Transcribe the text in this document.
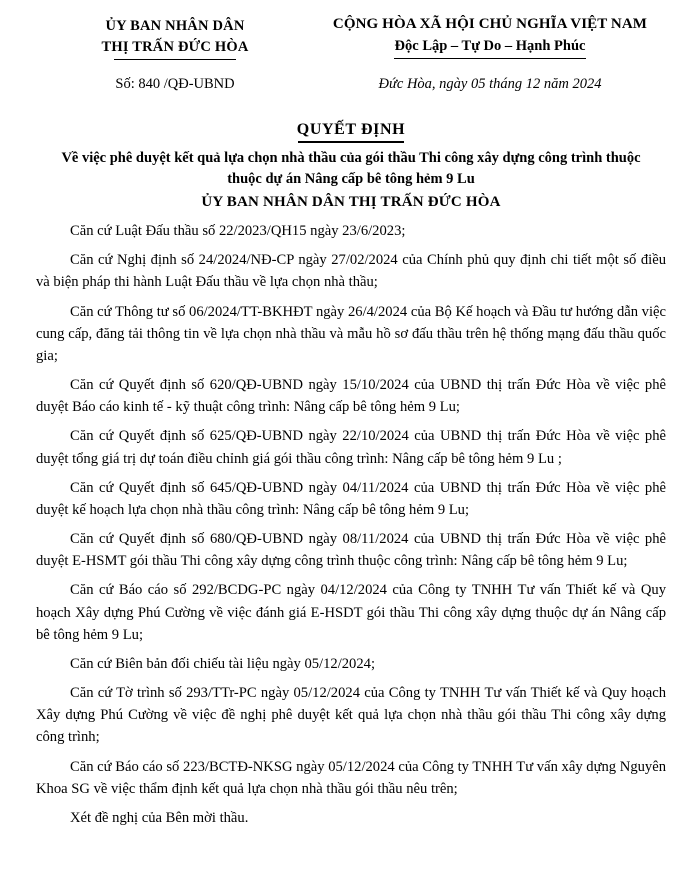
ỦY BAN NHÂN DÂN
THỊ TRẤN ĐỨC HÒA
CỘNG HÒA XÃ HỘI CHỦ NGHĨA VIỆT NAM
Độc Lập – Tự Do – Hạnh Phúc
Số: 840 /QĐ-UBND	Đức Hòa, ngày 05 tháng 12 năm 2024
QUYẾT ĐỊNH
Về việc phê duyệt kết quả lựa chọn nhà thầu của gói thầu Thi công xây dựng công trình thuộc thuộc dự án Nâng cấp bê tông hẻm 9 Lu
ỦY BAN NHÂN DÂN THỊ TRẤN ĐỨC HÒA

Căn cứ Luật Đấu thầu số 22/2023/QH15 ngày 23/6/2023;

Căn cứ Nghị định số 24/2024/NĐ-CP ngày 27/02/2024 của Chính phủ quy định chi tiết một số điều và biện pháp thi hành Luật Đấu thầu về lựa chọn nhà thầu;

Căn cứ Thông tư số 06/2024/TT-BKHĐT ngày 26/4/2024 của Bộ Kế hoạch và Đầu tư hướng dẫn việc cung cấp, đăng tải thông tin về lựa chọn nhà thầu và mẫu hồ sơ đấu thầu trên hệ thống mạng đấu thầu quốc gia;

Căn cứ Quyết định số 620/QĐ-UBND ngày 15/10/2024 của UBND thị trấn Đức Hòa về việc phê duyệt Báo cáo kinh tế - kỹ thuật công trình: Nâng cấp bê tông hẻm 9 Lu;

Căn cứ Quyết định số 625/QĐ-UBND ngày 22/10/2024 của UBND thị trấn Đức Hòa về việc phê duyệt tổng giá trị dự toán điều chỉnh giá gói thầu công trình: Nâng cấp bê tông hẻm 9 Lu ;

Căn cứ Quyết định số 645/QĐ-UBND ngày 04/11/2024 của UBND thị trấn Đức Hòa về việc phê duyệt kế hoạch lựa chọn nhà thầu công trình: Nâng cấp bê tông hẻm 9 Lu;

Căn cứ Quyết định số 680/QĐ-UBND ngày 08/11/2024 của UBND thị trấn Đức Hòa về việc phê duyệt E-HSMT gói thầu Thi công xây dựng công trình thuộc công trình: Nâng cấp bê tông hẻm 9 Lu;

Căn cứ Báo cáo số 292/BCDG-PC ngày 04/12/2024 của Công ty TNHH Tư vấn Thiết kế và Quy hoạch Xây dựng Phú Cường về việc đánh giá E-HSDT gói thầu Thi công xây dựng thuộc dự án Nâng cấp bê tông hẻm 9 Lu;

Căn cứ Biên bản đối chiếu tài liệu ngày 05/12/2024;

Căn cứ Tờ trình số 293/TTr-PC ngày 05/12/2024 của Công ty TNHH Tư vấn Thiết kế và Quy hoạch Xây dựng Phú Cường về việc đề nghị phê duyệt kết quả lựa chọn nhà thầu gói thầu Thi công xây dựng công trình;

Căn cứ Báo cáo số 223/BCTĐ-NKSG ngày 05/12/2024 của Công ty TNHH Tư vấn xây dựng Nguyên Khoa SG về việc thẩm định kết quả lựa chọn nhà thầu gói thầu nêu trên;

Xét đề nghị của Bên mời thầu.
